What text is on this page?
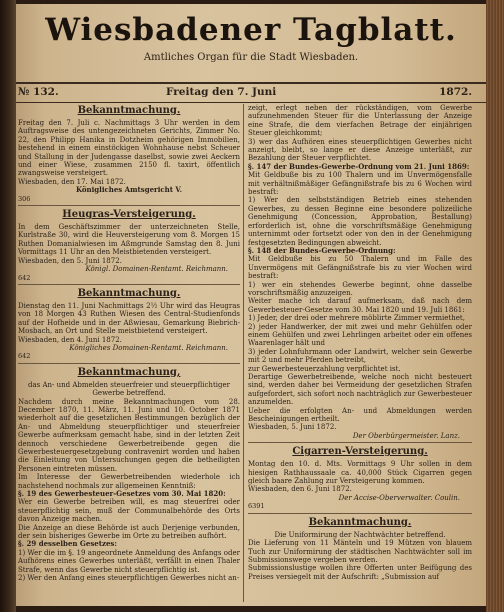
Wiesbadener Tagblatt.
Amtliches Organ für die Stadt Wiesbaden.
№ 132.	Freitag den 7. Juni	1872.
Bekanntmachung.

Freitag den 7. Juli c. Nachmittags 3 Uhr werden in dem Auftragsweise des untengezeichneten Gerichts, Zimmer No. 22, den Philipp Hanika in Dotzheim gehörigen Immobilien, bestehend in einem einstöckigen Wohnhause nebst Scheuer und Stallung in der Judengasse daselbst, sowie zwei Aeckern und einer Wiese, zusammen 2150 fl. taxirt, öffentlich zwangsweise versteigert.

Wiesbaden, den 17. Mai 1872.

Königliches Amtsgericht V.

306

Heugras-Versteigerung.

In dem Geschäftszimmer der unterzeichneten Stelle, Kurlstraße 30, wird die Heuversteigerung vom 8. Morgen 15 Ruthen Domanialwiesen im Aßmgrunde Samstag den 8. Juni Vormittags 11 Uhr an den Meistbietenden versteigert.

Wiesbaden, den 5. Juni 1872.

Königl. Domainen-Rentamt. Reichmann.

642

Bekanntmachung.

Dienstag den 11. Juni Nachmittags 2½ Uhr wird das Heugras von 18 Morgen 43 Ruthen Wiesen des Central-Studienfonds auf der Hofheide und in der Aßwiesau, Gemarkung Biebrich-Mosbach, an Ort und Stelle meistbietend versteigert.

Wiesbaden, den 4. Juni 1872.

Königliches Domainen-Rentamt. Reichmann.

642

Bekanntmachung,

das An- und Abmelden steuerfreier und steuerpflichtiger Gewerbe betreffend.

Nachdem durch meine Bekanntmachungen vom 28. December 1870, 11. März, 11. Juni und 10. October 1871 wiederholt auf die gesetzlichen Bestimmungen bezüglich der An- und Abmeldung steuerpflichtiger und steuerfreier Gewerbe aufmerksam gemacht habe, sind in der letzten Zeit dennoch verschiedene Gewerbetreibende gegen die Gewerbesteuergesetzgebung contravenirt worden und haben die Einleitung von Untersuchungen gegen die betheiligten Personen eintreten müssen.

Im Interesse der Gewerbetreibenden wiederhole ich nachstehend nochmals zur allgemeinen Kenntniß:

§. 19 des Gewerbesteuer-Gesetzes vom 30. Mai 1820:

Wer ein Gewerbe betreiben will, es mag steuerfrei oder steuerpflichtig sein, muß der Communalbehörde des Orts davon Anzeige machen.

Die Anzeige an diese Behörde ist auch Derjenige verbunden, der sein bisheriges Gewerbe im Orte zu betreiben aufhört.

§. 29 desselben Gesetzes:

1) Wer die im §. 19 angeordnete Anmeldung des Anfangs oder Aufhörens eines Gewerbes unterläßt, verfällt in einen Thaler Strafe, wenn das Gewerbe nicht steuerpflichtig ist.

2) Wer den Anfang eines steuerpflichtigen Gewerbes nicht an-

zeigt, erlegt neben der rückständigen, vom Gewerbe aufzunehmenden Steuer für die Unterlassung der Anzeige eine Strafe, die dem vierfachen Betrage der einjährigen Steuer gleichkommt;

3) wer das Aufhören eines steuerpflichtigen Gewerbes nicht anzeigt, bleibt, so lange er diese Anzeige unterläßt, zur Bezahlung der Steuer verpflichtet.

§. 147 der Bundes-Gewerbe-Ordnung vom 21. Juni 1869:

Mit Geldbuße bis zu 100 Thalern und im Unvermögensfalle mit verhältnißmäßiger Gefängnißstrafe bis zu 6 Wochen wird bestraft:

1) Wer den selbstständigen Betrieb eines stehenden Gewerbes, zu dessen Beginne eine besondere polizeiliche Genehmigung (Concession, Approbation, Bestallung) erforderlich ist, ohne die vorschriftsmäßige Genehmigung unternimmt oder fortsetzt oder von den in der Genehmigung festgesetzten Bedingungen abweicht.

§. 148 der Bundes-Gewerbe-Ordnung:

Mit Geldbuße bis zu 50 Thalern und im Falle des Unvermögens mit Gefängnißstrafe bis zu vier Wochen wird bestraft:

1) wer ein stehendes Gewerbe beginnt, ohne dasselbe vorschriftsmäßig anzuzeigen.

Weiter mache ich darauf aufmerksam, daß nach dem Gewerbesteuer-Gesetze vom 30. Mai 1820 und 19. Juli 1861:

1) Jeder, der drei oder mehrere möblirte Zimmer vermiethet,

2) jeder Handwerker, der mit zwei und mehr Gehülfen oder einem Gehülfen und zwei Lehrlingen arbeitet oder ein offenes Waarenlager hält und

3) jeder Lohnfuhrmann oder Landwirt, welcher sein Gewerbe mit 2 und mehr Pferden betreibt,

zur Gewerbesteuerzahlung verpflichtet ist.

Derartige Gewerbetreibende, welche noch nicht besteuert sind, werden daher bei Vermeidung der gesetzlichen Strafen aufgefordert, sich sofort noch nachträglich zur Gewerbesteuer anzumelden.

Ueber die erfolgten An- und Abmeldungen werden Bescheinigungen ertheilt.

Wiesbaden, 5. Juni 1872.

Der Oberbürgermeister. Lanz.

Cigarren-Versteigerung.

Montag den 10. d. Mts. Vormittags 9 Uhr sollen in dem hiesigen Rathhaussaale ca. 40,000 Stück Cigarren gegen gleich baare Zahlung zur Versteigerung kommen.

Wiesbaden, den 6. Juni 1872.

Der Accise-Oberverwalter. Coulin.

6391

Bekanntmachung.

Die Uniformirung der Nachtwächter betreffend.

Die Lieferung von 11 Mänteln und 19 Mützen von blauem Tuch zur Uniformirung der städtischen Nachtwächter soll im Submissionswege vergeben werden.

Submissionslustige wollen ihre Offerten unter Beifügung des Preises versiegelt mit der Aufschrift: „Submission auf
